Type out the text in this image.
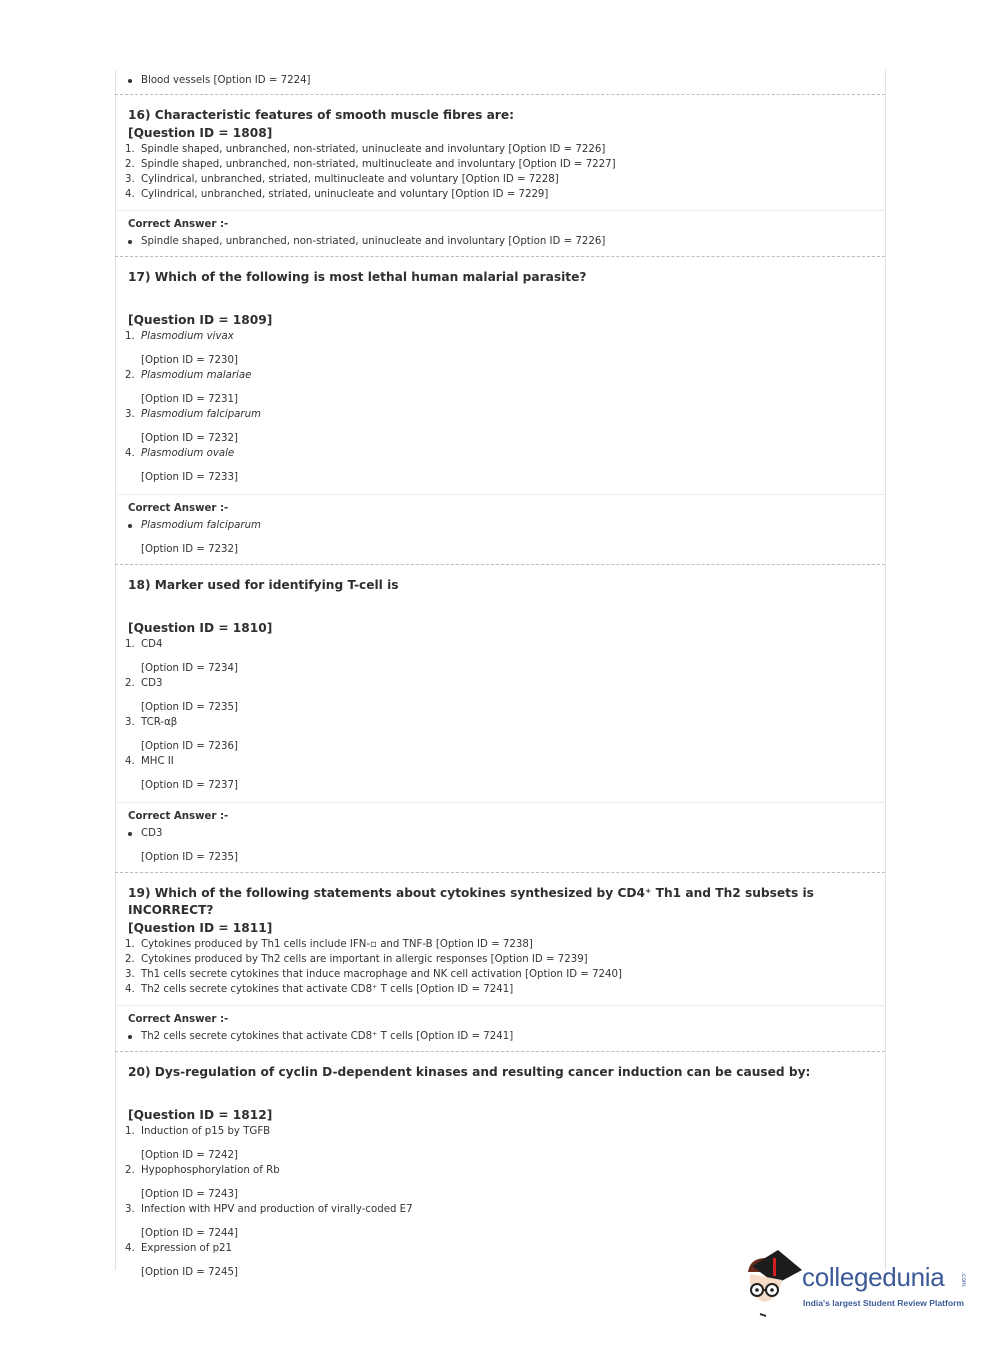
Blood vessels [Option ID = 7224]
16) Characteristic features of smooth muscle fibres are:
[Question ID = 1808]
1. Spindle shaped, unbranched, non-striated, uninucleate and involuntary [Option ID = 7226]
2. Spindle shaped, unbranched, non-striated, multinucleate and involuntary [Option ID = 7227]
3. Cylindrical, unbranched, striated, multinucleate and voluntary [Option ID = 7228]
4. Cylindrical, unbranched, striated, uninucleate and voluntary [Option ID = 7229]
Correct Answer :-
Spindle shaped, unbranched, non-striated, uninucleate and involuntary [Option ID = 7226]
17) Which of the following is most lethal human malarial parasite?
[Question ID = 1809]
1. Plasmodium vivax
[Option ID = 7230]
2. Plasmodium malariae
[Option ID = 7231]
3. Plasmodium falciparum
[Option ID = 7232]
4. Plasmodium ovale
[Option ID = 7233]
Correct Answer :-
Plasmodium falciparum
[Option ID = 7232]
18) Marker used for identifying T-cell is
[Question ID = 1810]
1. CD4
[Option ID = 7234]
2. CD3
[Option ID = 7235]
3. TCR-αβ
[Option ID = 7236]
4. MHC II
[Option ID = 7237]
Correct Answer :-
CD3
[Option ID = 7235]
19) Which of the following statements about cytokines synthesized by CD4⁺ Th1 and Th2 subsets is INCORRECT?
[Question ID = 1811]
1. Cytokines produced by Th1 cells include IFN-▫ and TNF-B [Option ID = 7238]
2. Cytokines produced by Th2 cells are important in allergic responses [Option ID = 7239]
3. Th1 cells secrete cytokines that induce macrophage and NK cell activation [Option ID = 7240]
4. Th2 cells secrete cytokines that activate CD8⁺ T cells [Option ID = 7241]
Correct Answer :-
Th2 cells secrete cytokines that activate CD8⁺ T cells [Option ID = 7241]
20) Dys-regulation of cyclin D-dependent kinases and resulting cancer induction can be caused by:
[Question ID = 1812]
1. Induction of p15 by TGFB
[Option ID = 7242]
2. Hypophosphorylation of Rb
[Option ID = 7243]
3. Infection with HPV and production of virally-coded E7
[Option ID = 7244]
4. Expression of p21
[Option ID = 7245]	collegedunia	.com
India's largest Student Review Platform
